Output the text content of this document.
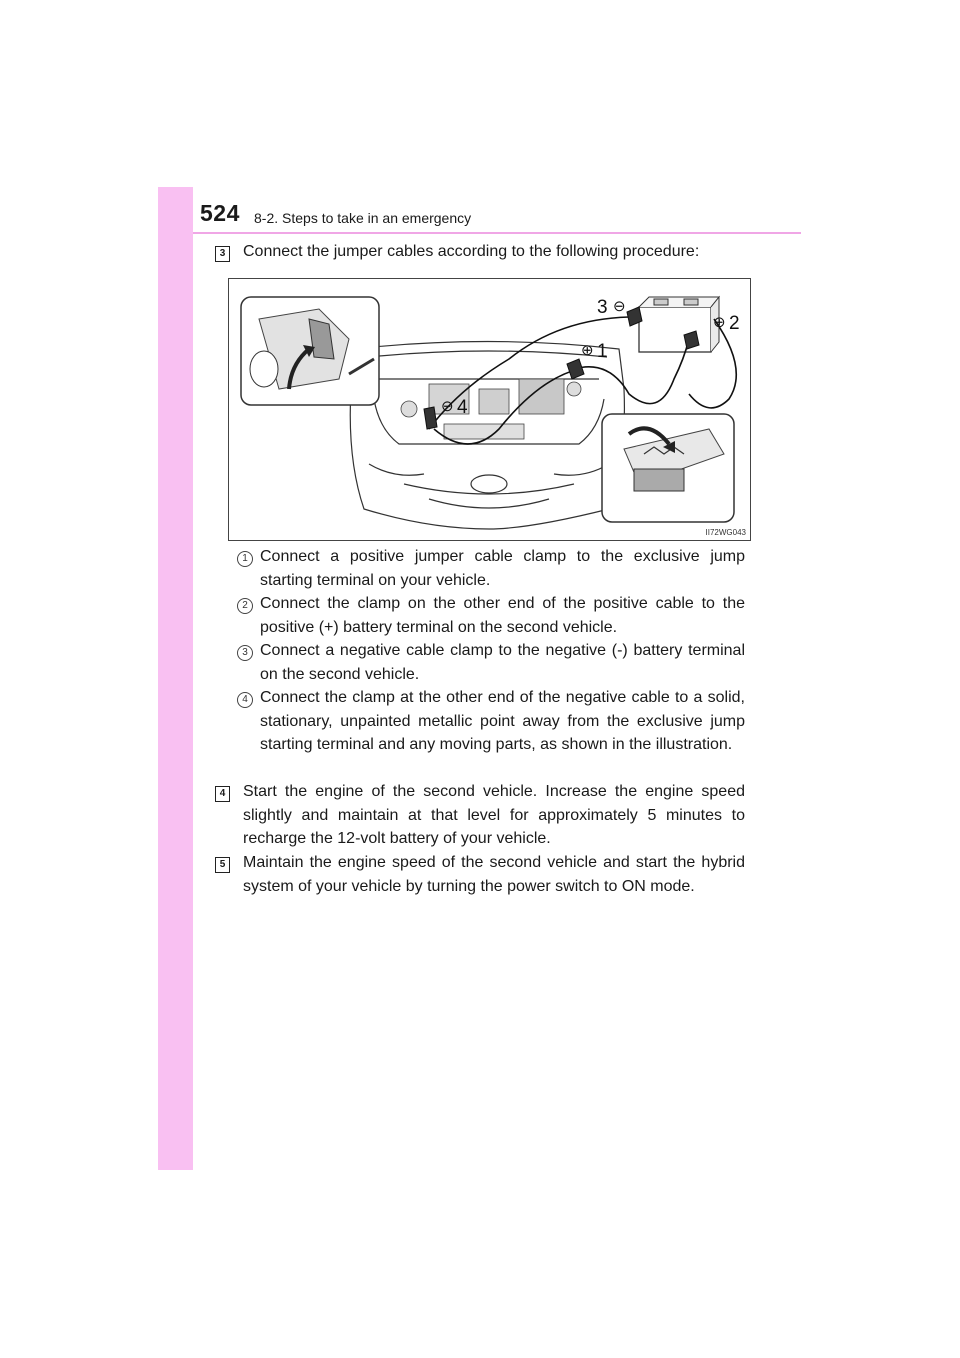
524 8-2. Steps to take in an emergency
3 Connect the jumper cables according to the following procedure:
3 ⊖
⊕ 2
⊕ 1
⊖ 4
II72WG043
1 Connect a positive jumper cable clamp to the exclusive jump starting terminal on your vehicle.
2 Connect the clamp on the other end of the positive cable to the positive (+) battery terminal on the second vehicle.
3 Connect a negative cable clamp to the negative (-) battery terminal on the second vehicle.
4 Connect the clamp at the other end of the negative cable to a solid, stationary, unpainted metallic point away from the exclusive jump starting terminal and any moving parts, as shown in the illustration.
4 Start the engine of the second vehicle. Increase the engine speed slightly and maintain at that level for approximately 5 minutes to recharge the 12-volt battery of your vehicle.
5 Maintain the engine speed of the second vehicle and start the hybrid system of your vehicle by turning the power switch to ON mode.
